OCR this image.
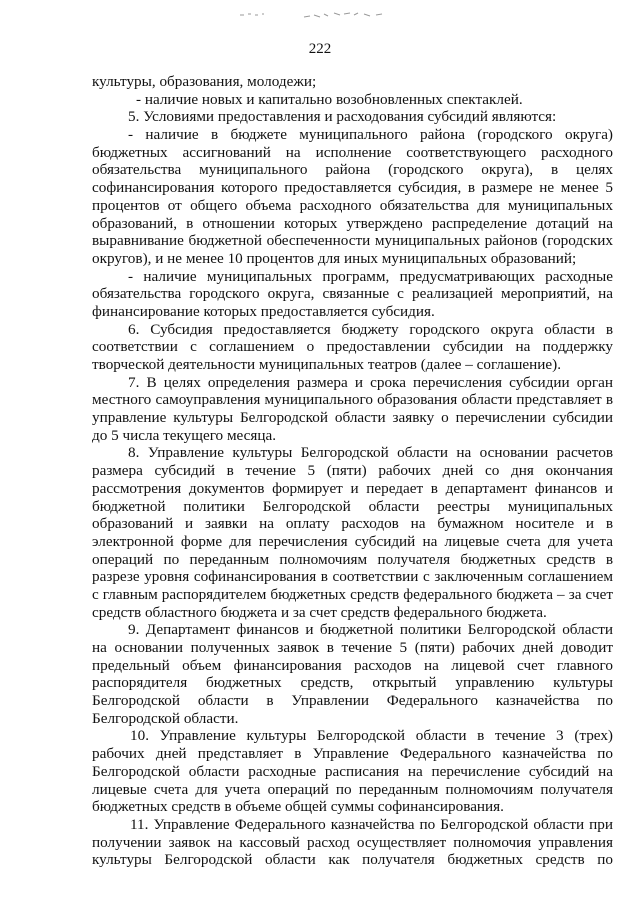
222
культуры, образования, молодежи;
- наличие новых и капитально возобновленных спектаклей.
5. Условиями предоставления и расходования субсидий являются:
- наличие в бюджете муниципального района (городского округа)
бюджетных ассигнований на исполнение соответствующего расходного
обязательства муниципального района (городского округа), в целях
софинансирования которого предоставляется субсидия, в размере не менее 5
процентов от общего объема расходного обязательства для муниципальных
образований, в отношении которых утверждено распределение дотаций на
выравнивание бюджетной обеспеченности муниципальных районов (городских
округов), и не менее 10 процентов для иных муниципальных образований;
- наличие муниципальных программ, предусматривающих расходные
обязательства городского округа, связанные с реализацией мероприятий, на
финансирование которых предоставляется субсидия.
6. Субсидия предоставляется бюджету городского округа области в
соответствии с соглашением о предоставлении субсидии на поддержку
творческой деятельности муниципальных театров (далее – соглашение).
7. В целях определения размера и срока перечисления субсидии орган
местного самоуправления муниципального образования области представляет в
управление культуры Белгородской области заявку о перечислении субсидии
до 5 числа текущего месяца.
8. Управление культуры Белгородской области на основании расчетов
размера субсидий в течение 5 (пяти) рабочих дней со дня окончания
рассмотрения документов формирует и передает в департамент финансов и
бюджетной политики Белгородской области реестры муниципальных
образований и заявки на оплату расходов на бумажном носителе и в
электронной форме для перечисления субсидий на лицевые счета для учета
операций по переданным полномочиям получателя бюджетных средств в
разрезе уровня софинансирования в соответствии с заключенным соглашением
с главным распорядителем бюджетных средств федерального бюджета – за счет
средств областного бюджета и за счет средств федерального бюджета.
9. Департамент финансов и бюджетной политики Белгородской области
на основании полученных заявок в течение 5 (пяти) рабочих дней доводит
предельный объем финансирования расходов на лицевой счет главного
распорядителя бюджетных средств, открытый управлению культуры
Белгородской области в Управлении Федерального казначейства по
Белгородской области.
10. Управление культуры Белгородской области в течение 3 (трех)
рабочих дней представляет в Управление Федерального казначейства по
Белгородской области расходные расписания на перечисление субсидий на
лицевые счета для учета операций по переданным полномочиям получателя
бюджетных средств в объеме общей суммы софинансирования.
11. Управление Федерального казначейства по Белгородской области при
получении заявок на кассовый расход осуществляет полномочия управления
культуры Белгородской области как получателя бюджетных средств по
